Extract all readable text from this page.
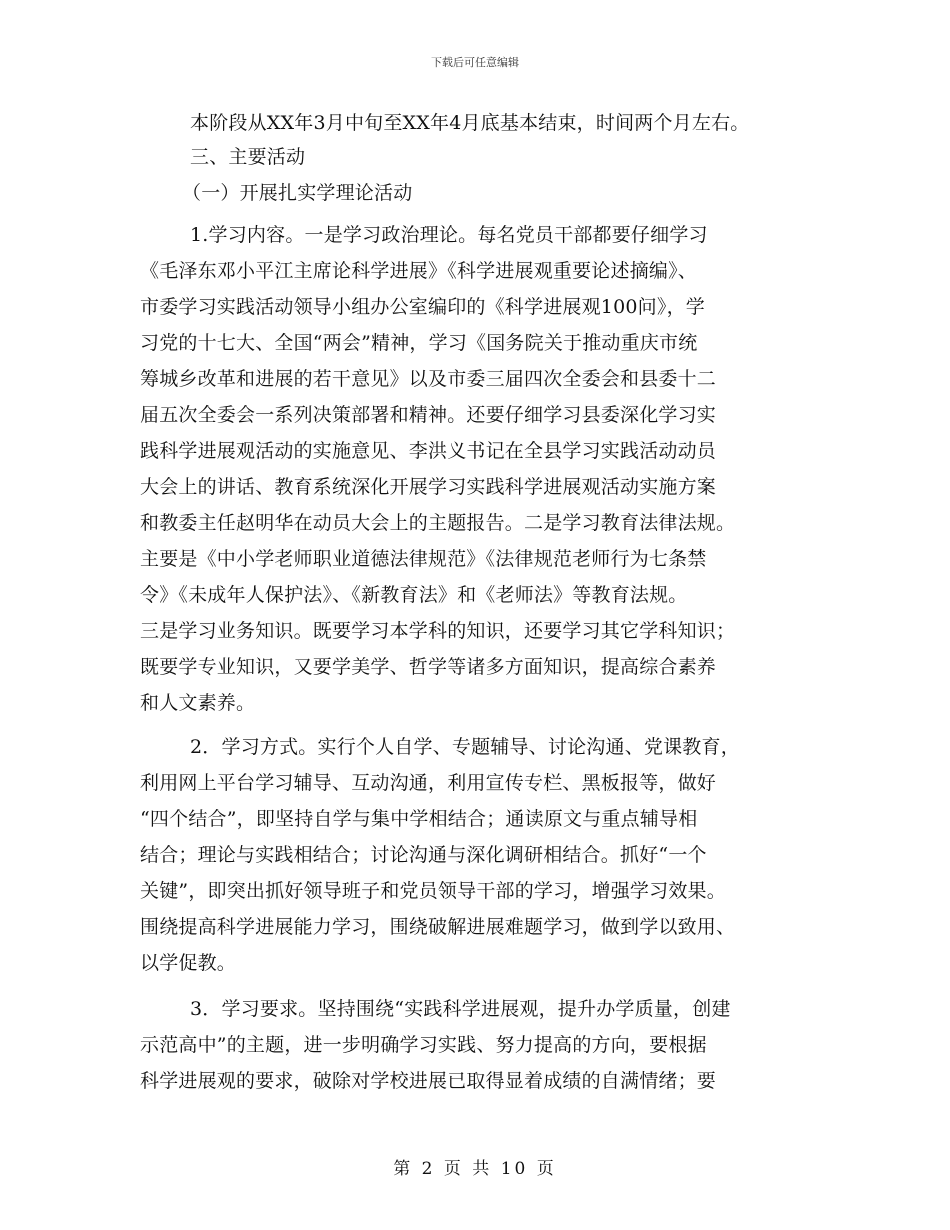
下载后可任意编辑
本阶段从XX年3月中旬至XX年4月底基本结束，时间两个月左右。
三、主要活动
（一）开展扎实学理论活动
1.学习内容。一是学习政治理论。每名党员干部都要仔细学习
《毛泽东邓小平江主席论科学进展》《科学进展观重要论述摘编》、
市委学习实践活动领导小组办公室编印的《科学进展观100问》，学
习党的十七大、全国“两会”精神，学习《国务院关于推动重庆市统
筹城乡改革和进展的若干意见》以及市委三届四次全委会和县委十二
届五次全委会一系列决策部署和精神。还要仔细学习县委深化学习实
践科学进展观活动的实施意见、李洪义书记在全县学习实践活动动员
大会上的讲话、教育系统深化开展学习实践科学进展观活动实施方案
和教委主任赵明华在动员大会上的主题报告。二是学习教育法律法规。
主要是《中小学老师职业道德法律规范》《法律规范老师行为七条禁
令》《未成年人保护法》、《新教育法》和《老师法》等教育法规。
三是学习业务知识。既要学习本学科的知识，还要学习其它学科知识；
既要学专业知识，又要学美学、哲学等诸多方面知识，提高综合素养
和人文素养。
2．学习方式。实行个人自学、专题辅导、讨论沟通、党课教育，
利用网上平台学习辅导、互动沟通，利用宣传专栏、黑板报等，做好
“四个结合”，即坚持自学与集中学相结合；通读原文与重点辅导相
结合；理论与实践相结合；讨论沟通与深化调研相结合。抓好“一个
关键”，即突出抓好领导班子和党员领导干部的学习，增强学习效果。
围绕提高科学进展能力学习，围绕破解进展难题学习，做到学以致用、
以学促教。
3．学习要求。坚持围绕“实践科学进展观，提升办学质量，创建
示范高中”的主题，进一步明确学习实践、努力提高的方向，要根据
科学进展观的要求，破除对学校进展已取得显着成绩的自满情绪；要
第 2 页 共 10 页
